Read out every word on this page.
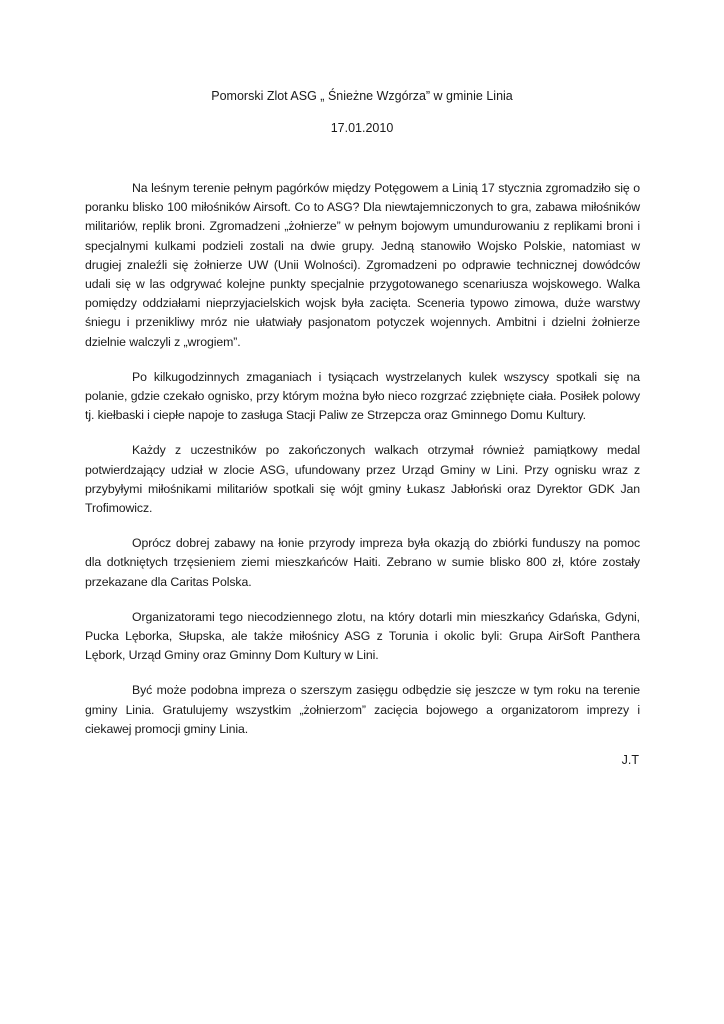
Pomorski Zlot ASG „ Śnieżne Wzgórza” w gminie Linia
17.01.2010

Na leśnym terenie pełnym pagórków między Potęgowem a Linią 17 stycznia zgromadziło się o poranku blisko 100 miłośników Airsoft. Co to ASG? Dla niewtajemniczonych to gra, zabawa miłośników militariów, replik broni. Zgromadzeni „żołnierze” w pełnym bojowym umundurowaniu z replikami broni i specjalnymi kulkami podzieli zostali na dwie grupy. Jedną stanowiło Wojsko Polskie, natomiast w drugiej znaleźli się żołnierze UW (Unii Wolności). Zgromadzeni po odprawie technicznej dowódców udali się w las odgrywać kolejne punkty specjalnie przygotowanego scenariusza wojskowego. Walka pomiędzy oddziałami nieprzyjacielskich wojsk była zacięta. Sceneria typowo zimowa, duże warstwy śniegu i przenikliwy mróz nie ułatwiały pasjonatom potyczek wojennych. Ambitni i dzielni żołnierze dzielnie walczyli z „wrogiem”.

Po kilkugodzinnych zmaganiach i tysiącach wystrzelanych kulek wszyscy spotkali się na polanie, gdzie czekało ognisko, przy którym można było nieco rozgrzać zziębnięte ciała. Posiłek polowy tj. kiełbaski i ciepłe napoje to zasługa Stacji Paliw ze Strzepcza oraz Gminnego Domu Kultury.

Każdy z uczestników po zakończonych walkach otrzymał również pamiątkowy medal potwierdzający udział w zlocie ASG, ufundowany przez Urząd Gminy w Lini. Przy ognisku wraz z przybyłymi miłośnikami militariów spotkali się wójt gminy Łukasz Jabłoński oraz Dyrektor GDK Jan Trofimowicz.

Oprócz dobrej zabawy na łonie przyrody impreza była okazją do zbiórki funduszy na pomoc dla dotkniętych trzęsieniem ziemi mieszkańców Haiti. Zebrano w sumie blisko 800 zł, które zostały przekazane dla Caritas Polska.

Organizatorami tego niecodziennego zlotu, na który dotarli min mieszkańcy Gdańska, Gdyni, Pucka Lęborka, Słupska, ale także miłośnicy ASG z Torunia i okolic byli: Grupa AirSoft Panthera Lębork, Urząd Gminy oraz Gminny Dom Kultury w Lini.

Być może podobna impreza o szerszym zasięgu odbędzie się jeszcze w tym roku na terenie gminy Linia. Gratulujemy wszystkim „żołnierzom” zacięcia bojowego a organizatorom imprezy i ciekawej promocji gminy Linia.

J.T
